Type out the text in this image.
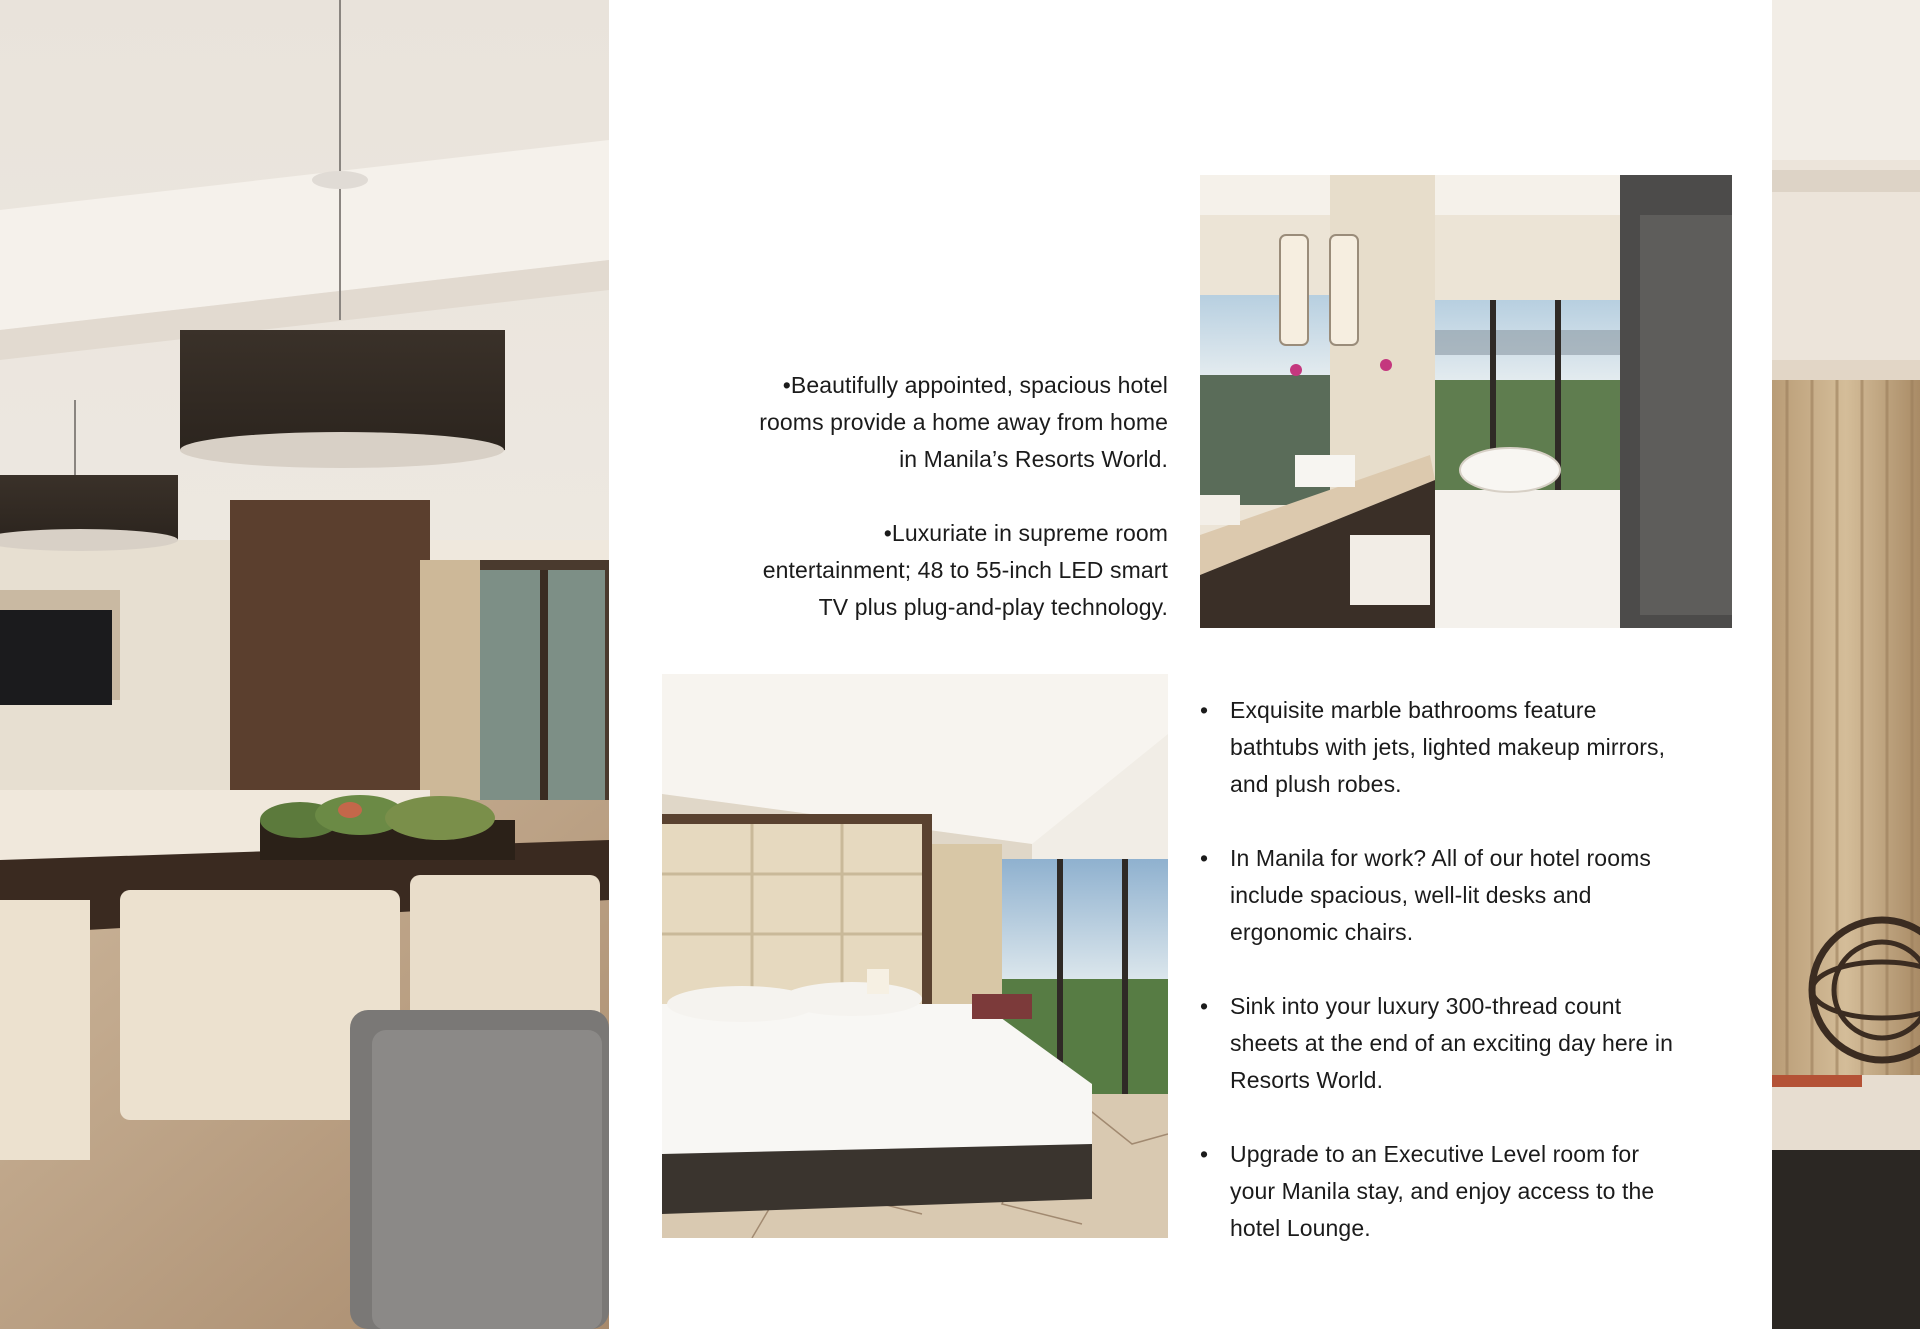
•Beautifully appointed, spacious hotel
rooms provide a home away from home
in Manila’s Resorts World.
•Luxuriate in supreme room
entertainment; 48 to 55-inch LED smart
TV plus plug-and-play technology.
• Exquisite marble bathrooms feature
bathtubs with jets, lighted makeup mirrors,
and plush robes.
• In Manila for work? All of our hotel rooms
include spacious, well-lit desks and
ergonomic chairs.
• Sink into your luxury 300-thread count
sheets at the end of an exciting day here in
Resorts World.
• Upgrade to an Executive Level room for
your Manila stay, and enjoy access to the
hotel Lounge.
